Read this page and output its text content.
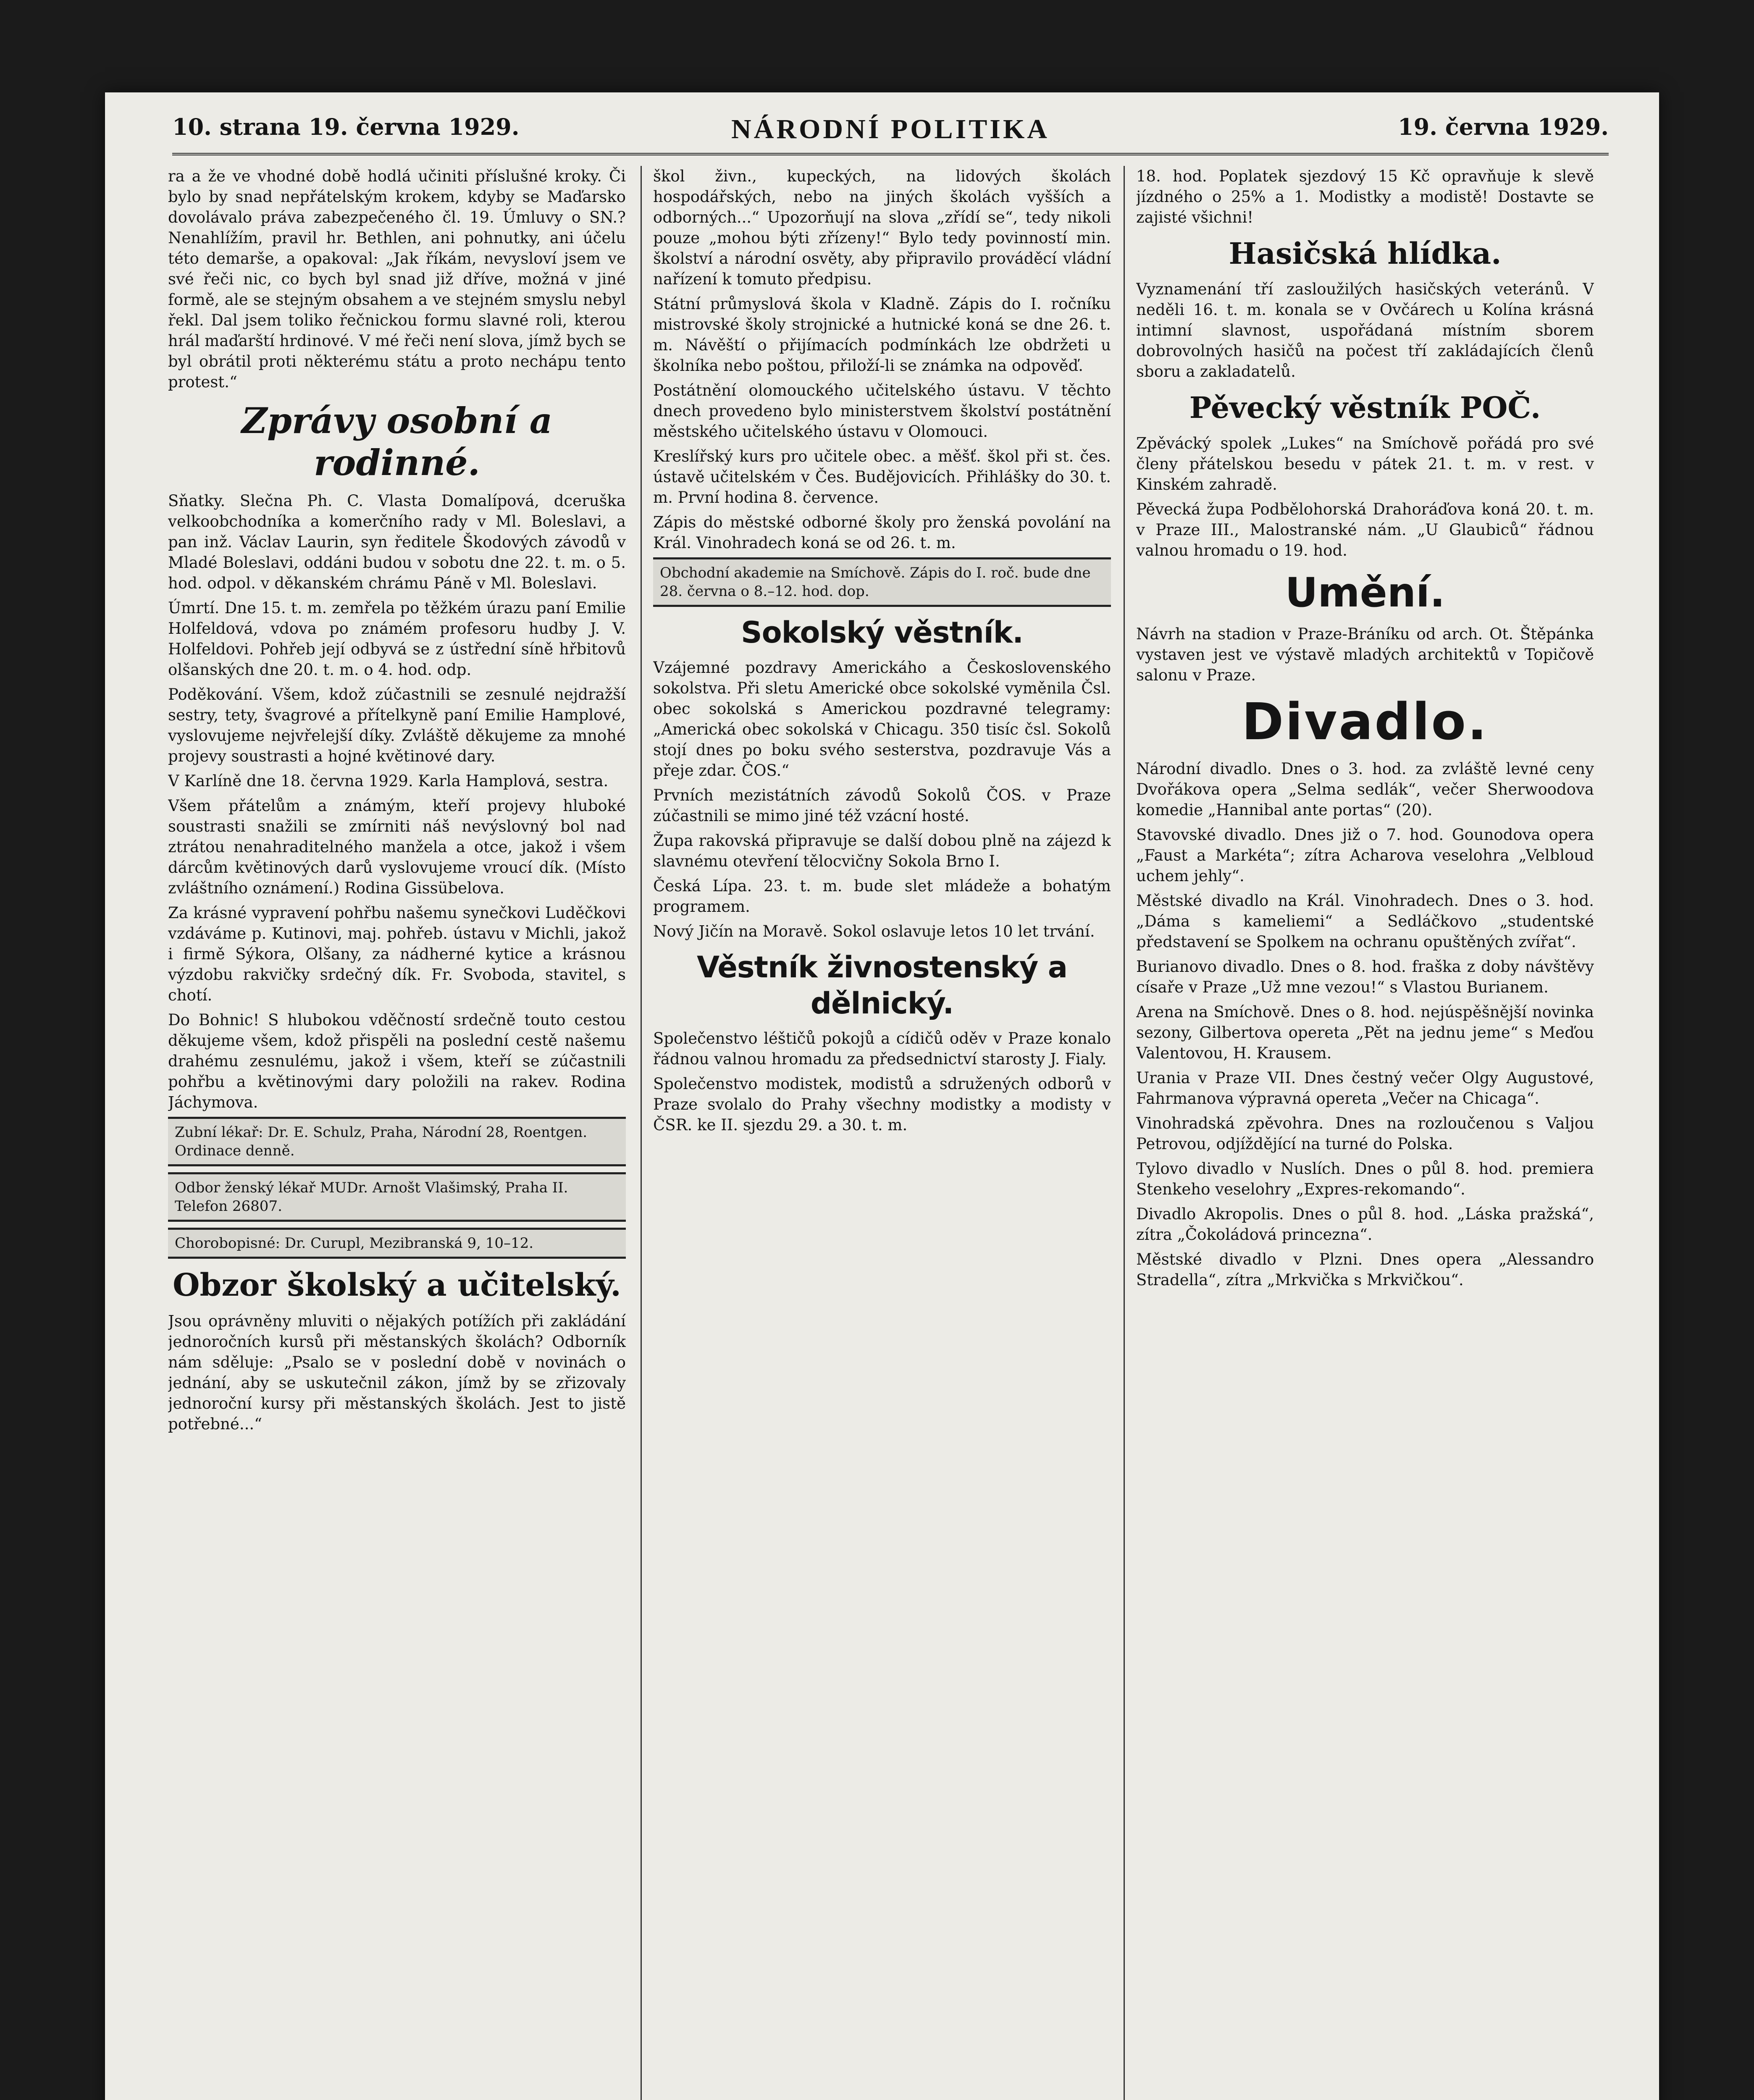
10. strana 19. června 1929.	NÁRODNÍ POLITIKA	19. června 1929.

ra a že ve vhodné době hodlá učiniti příslušné kroky. Či bylo by snad nepřátelským krokem, kdyby se Maďarsko dovolávalo práva zabezpečeného čl. 19. Úmluvy o SN.? Nenahlížím, pravil hr. Bethlen, ani pohnutky, ani účelu této demarše, a opakoval: „Jak říkám, nevysloví jsem ve své řeči nic, co bych byl snad již dříve, možná v jiné formě, ale se stejným obsahem a ve stejném smyslu nebyl řekl. Dal jsem toliko řečnickou formu slavné roli, kterou hrál maďarští hrdinové. V mé řeči není slova, jímž bych se byl obrátil proti některému státu a proto nechápu tento protest.“

Zprávy osobní a rodinné.

Sňatky. Slečna Ph. C. Vlasta Domalípová, dceruška velkoobchodníka a komerčního rady v Ml. Boleslavi, a pan inž. Václav Laurin, syn ředitele Škodových závodů v Mladé Boleslavi, oddáni budou v sobotu dne 22. t. m. o 5. hod. odpol. v děkanském chrámu Páně v Ml. Boleslavi.

Úmrtí. Dne 15. t. m. zemřela po těžkém úrazu paní Emilie Holfeldová, vdova po známém profesoru hudby J. V. Holfeldovi. Pohřeb její odbyvá se z ústřední síně hřbitovů olšanských dne 20. t. m. o 4. hod. odp.

Poděkování. Všem, kdož zúčastnili se zesnulé nejdražší sestry, tety, švagrové a přítelkyně paní Emilie Hamplové, vyslovujeme nejvřelejší díky. Zvláště děkujeme za mnohé projevy soustrasti a hojné květinové dary.

V Karlíně dne 18. června 1929. Karla Hamplová, sestra.

Všem přátelům a známým, kteří projevy hluboké soustrasti snažili se zmírniti náš nevýslovný bol nad ztrátou nenahraditelného manžela a otce, jakož i všem dárcům květinových darů vyslovujeme vroucí dík. (Místo zvláštního oznámení.) Rodina Gissübelova.

Za krásné vypravení pohřbu našemu synečkovi Luděčkovi vzdáváme p. Kutinovi, maj. pohřeb. ústavu v Michli, jakož i firmě Sýkora, Olšany, za nádherné kytice a krásnou výzdobu rakvičky srdečný dík. Fr. Svoboda, stavitel, s chotí.

Do Bohnic! S hlubokou vděčností srdečně touto cestou děkujeme všem, kdož přispěli na poslední cestě našemu drahému zesnulému, jakož i všem, kteří se zúčastnili pohřbu a květinovými dary položili na rakev. Rodina Jáchymova.

Zubní lékař: Dr. E. Schulz, Praha, Národní 28, Roentgen. Ordinace denně.
Odbor ženský lékař MUDr. Arnošt Vlašimský, Praha II. Telefon 26807.
Chorobopisné: Dr. Curupl, Mezibranská 9, 10–12.
Obzor školský a učitelský.

Jsou oprávněny mluviti o nějakých potížích při zakládání jednoročních kursů při městanských školách? Odborník nám sděluje: „Psalo se v poslední době v novinách o jednání, aby se uskutečnil zákon, jímž by se zřizovaly jednoroční kursy při městanských školách. Jest to jistě potřebné...“

škol živn., kupeckých, na lidových školách hospodářských, nebo na jiných školách vyšších a odborných...“ Upozorňují na slova „zřídí se“, tedy nikoli pouze „mohou býti zřízeny!“ Bylo tedy povinností min. školství a národní osvěty, aby připravilo prováděcí vládní nařízení k tomuto předpisu.

Státní průmyslová škola v Kladně. Zápis do I. ročníku mistrovské školy strojnické a hutnické koná se dne 26. t. m. Návěští o přijímacích podmínkách lze obdržeti u školníka nebo poštou, přiloží-li se známka na odpověď.

Postátnění olomouckého učitelského ústavu. V těchto dnech provedeno bylo ministerstvem školství postátnění městského učitelského ústavu v Olomouci.

Kreslířský kurs pro učitele obec. a měšť. škol při st. čes. ústavě učitelském v Čes. Budějovicích. Přihlášky do 30. t. m. První hodina 8. července.

Zápis do městské odborné školy pro ženská povolání na Král. Vinohradech koná se od 26. t. m.

Obchodní akademie na Smíchově. Zápis do I. roč. bude dne 28. června o 8.–12. hod. dop.
Sokolský věstník.

Vzájemné pozdravy Americkáho a Československého sokolstva. Při sletu Americké obce sokolské vyměnila Čsl. obec sokolská s Americkou pozdravné telegramy: „Americká obec sokolská v Chicagu. 350 tisíc čsl. Sokolů stojí dnes po boku svého sesterstva, pozdravuje Vás a přeje zdar. ČOS.“

Prvních mezistátních závodů Sokolů ČOS. v Praze zúčastnili se mimo jiné též vzácní hosté.

Župa rakovská připravuje se další dobou plně na zájezd k slavnému otevření tělocvičny Sokola Brno I.

Česká Lípa. 23. t. m. bude slet mládeže a bohatým programem.

Nový Jičín na Moravě. Sokol oslavuje letos 10 let trvání.

Věstník živnostenský a dělnický.

Společenstvo léštičů pokojů a cídičů oděv v Praze konalo řádnou valnou hromadu za předsednictví starosty J. Fialy.

Společenstvo modistek, modistů a sdružených odborů v Praze svolalo do Prahy všechny modistky a modisty v ČSR. ke II. sjezdu 29. a 30. t. m.

18. hod. Poplatek sjezdový 15 Kč opravňuje k slevě jízdného o 25% a 1. Modistky a modistě! Dostavte se zajisté všichni!

Hasičská hlídka.

Vyznamenání tří zasloužilých hasičských veteránů. V neděli 16. t. m. konala se v Ovčárech u Kolína krásná intimní slavnost, uspořádaná místním sborem dobrovolných hasičů na počest tří zakládajících členů sboru a zakladatelů.

Pěvecký věstník POČ.

Zpěvácký spolek „Lukes“ na Smíchově pořádá pro své členy přátelskou besedu v pátek 21. t. m. v rest. v Kinském zahradě.

Pěvecká župa Podbělohorská Drahoráďova koná 20. t. m. v Praze III., Malostranské nám. „U Glaubiců“ řádnou valnou hromadu o 19. hod.

Umění.

Návrh na stadion v Praze-Bráníku od arch. Ot. Štěpánka vystaven jest ve výstavě mladých architektů v Topičově salonu v Praze.

Divadlo.

Národní divadlo. Dnes o 3. hod. za zvláště levné ceny Dvořákova opera „Selma sedlák“, večer Sherwoodova komedie „Hannibal ante portas“ (20).

Stavovské divadlo. Dnes již o 7. hod. Gounodova opera „Faust a Markéta“; zítra Acharova veselohra „Velbloud uchem jehly“.

Městské divadlo na Král. Vinohradech. Dnes o 3. hod. „Dáma s kameliemi“ a Sedláčkovo „studentské představení se Spolkem na ochranu opuštěných zvířat“.

Burianovo divadlo. Dnes o 8. hod. fraška z doby návštěvy císaře v Praze „Už mne vezou!“ s Vlastou Burianem.

Arena na Smíchově. Dnes o 8. hod. nejúspěšnější novinka sezony, Gilbertova opereta „Pět na jednu jeme“ s Meďou Valentovou, H. Krausem.

Urania v Praze VII. Dnes čestný večer Olgy Augustové, Fahrmanova výpravná opereta „Večer na Chicaga“.

Vinohradská zpěvohra. Dnes na rozloučenou s Valjou Petrovou, odjíždějící na turné do Polska.

Tylovo divadlo v Nuslích. Dnes o půl 8. hod. premiera Stenkeho veselohry „Expres-rekomando“.

Divadlo Akropolis. Dnes o půl 8. hod. „Láska pražská“, zítra „Čokoládová princezna“.

Městské divadlo v Plzni. Dnes opera „Alessandro Stradella“, zítra „Mrkvička s Mrkvičkou“.
